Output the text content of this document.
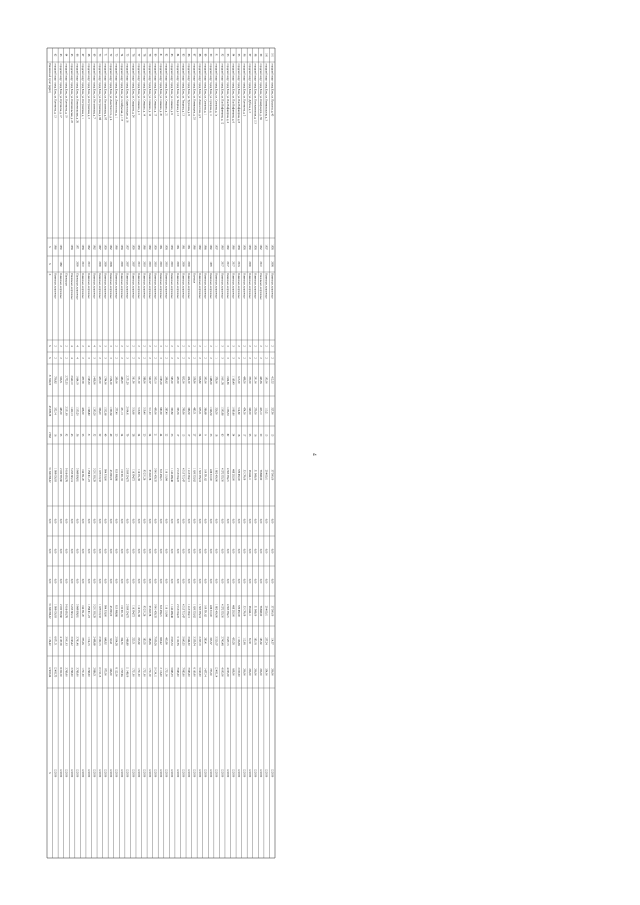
Населенный пункт (адрес)
X
X
X
X
X
51 356,00
45 978,39
2 963
51 349 096,22
0,00
0,00
0,00
51 349 096,22
1 154,40
12 492,64
X
62
городской округ город Елец, ул. Кротевича, д. 13
1960
Каменные, кирпичные
2
2
736,82
352,14
16
1 999 030,93
0,00
0,00
0,00
1 999 030,93
6 671,51
12 492,75
12.2030
63
городской округ город Елец, ул. Кротевича, д. 17
1959
1980
Каменные, кирпичные
2
2
526,51
483,00
25
2 030 770,80
0,00
0,00
0,00
2 030 770,80
4 197,09
8 322,00
12.2030
64
городской округ город Елец, ул. Кротевича, д. 19
Панельные
2
2
2 772,35
2 551,09
92
9 616 693,78
0,00
0,00
0,00
9 616 693,78
3 901,03
3 769,00
12.2030
65
городской округ город Елец, ул. Комсомольская, д. 22
1958
Панельные, кирпичные
4
4
2 642,10
1 422,13
43
5 235 345,16
0,00
0,00
0,00
5 235 345,16
3 063,42
3 769,00
12.2030
66
городской округ город Елец, ул. Комсомольская, д. 26
1971
2009
Панельные, кирпичные
4
4
1 664,19
1 555,20
56
5 849 808,81
0,00
0,00
0,00
5 849 808,81
3 761,46
3 769,00
12.2030
67
городской округ город Елец, ул. Костромская, д. 1
1958
2010
Каменные, кирпичные
2
2
477,09
438,00
25
164 361,20
0,00
0,00
0,00
164 361,20
375,26
1 721,00
12.2030
68
городской округ город Елец, ул. Костромская, д. 2
1962
2010
Каменные, кирпичные
4
3
1 583,30
1 368,80
51
1 798 811,23
0,00
0,00
0,00
1 798 811,23
1 314,15
3 769,00
12.2030
69
городской округ город Елец, ул. Костромская, д. 7
1962
Каменные, кирпичные
4
3
1 408,00
1 293,20
52
3 231 305,29
0,00
0,00
0,00
3 231 305,29
2 498,69
2 886,31
12.2030
70
городской округ город Елец, ул. Костромская, д. 8б
1997
2009
Каменные, кирпичные
2
2
450,00
396,20
22
1 027 019,32
0,00
0,00
0,00
1 027 019,32
2 592,15
10 152,15
12.2030
71
городской округ город Елец, ул. Костромская, д. 97
1959
2009
Каменные, кирпичные
3
3
1 794,00
1 532,60
49
994 518,00
0,00
0,00
0,00
994 518,00
648,92
975,00
12.2030
72
городской округ город Елец, ул. Льва Толстого, д. 4
1962
2008
Каменные, кирпичные
3
3
1 554,00
1 390,60
49
45 090,00
0,00
0,00
0,00
45 090,00
32,43
246,00
12.2030
73
городской округ город Елец, ул. Ломоносова, д. 1
1960
Каменные, кирпичные
2
2
299,00
277,40
23
813 968,86
0,00
0,00
0,00
813 968,86
2 934,28
8 122,00
12.2030
74
городской округ город Елец, ул. Октябрьская, д. 117
1958
2009
Каменные, кирпичные
2
2
486,70
471,13
24
152 901,55
0,00
0,00
0,00
152 901,55
324,55
1 727,66
12.2030
75
городской округ город Елец, ул. Орджоникидзе, д. 16
1957
2007
Каменные, кирпичные
3
3
2 271,29
2 004,01
79
2 939 254,75
0,00
0,00
0,00
2 939 254,75
1 466,69
11 148,00
12.2030
76
городской округ город Елец, ул. Свердлова, д. 24
1959
2007
Каменные, кирпичные
2
2
561,90
516,60
28
116 394,72
0,00
0,00
0,00
116 394,72
225,31
1 721,00
12.2030
77
городской округ город Елец, ул. Семашко, д. 3
1959
2010
Каменные, кирпичные
2
2
571,00
519,80
24
116 231,38
0,00
0,00
0,00
116 231,38
223,60
1 721,00
12.2030
78
городской округ город Елец, ул. Семашко, д. 14
1960
2003
Каменные, кирпичные
2
2
588,00
519,40
23
95 231,26
0,00
0,00
0,00
95 231,26
183,35
1 721,00
12.2030
79
городской округ город Елец, ул. Семашко, д. 16
1960
2003
Каменные, кирпичные
2
2
542,07
511,20
24
95 653,78
0,00
0,00
0,00
95 653,78
186,96
1 721,00
12.2030
80
городской округ город Елец, ул. Семашко, д. 17
1959
2003
Каменные, кирпичные
2
2
505,10
490,00
21
3 901 459,35
0,00
0,00
0,00
3 901 459,35
7 959,26
10 124,11
12.2030
81
городской округ город Елец, ул. Семашко, д. 20
1961
2003
Каменные, кирпичные
3
3
1 083,00
980,90
44
813 458,21
0,00
0,00
0,00
813 458,21
829,42
2 116,00
12.2030
82
городской округ город Елец, ул. Семашко, д. 21
1958
2003
Каменные, кирпичные
2
2
298,62
287,40
22
116 110,84
0,00
0,00
0,00
116 110,84
403,99
1 721,00
12.2030
83
городской округ город Елец, ул. Семашко, д. 8
1959
2003
Каменные, кирпичные
2
2
585,00
390,80
33
1 142 498,48
0,00
0,00
0,00
1 142 498,48
2 925,53
5 885,73
12.2030
84
городской округ город Елец, ул. Товарная, д. 12
1961
2009
Каменные, кирпичные
2
2
450,00
393,35
17
2 015 004,22
0,00
0,00
0,00
2 015 004,22
5 122,76
7 983,00
12.2030
85
городской округ город Елец, ул. Товарная, д. 13
1961
2009
Каменные, кирпичные
2
2
832,00
799,90
15
4 515 715,47
0,00
0,00
0,00
4 515 715,47
5 645,35
7 983,00
12.2030
86
городской округ город Елец, ул. Тургенева, д. 8
1961
2009
Каменные, кирпичные
2
2
434,00
386,30
17
1 415 594,15
0,00
0,00
0,00
1 415 594,15
3 664,50
7 983,00
12.2030
87
городской округ город Елец, ул. Коммунаров, д. 33
1960
Блочные
2
2
558,90
485,31
27
1 630 533,62
0,00
0,00
0,00
1 630 533,62
3 359,74
6 160,00
12.2030
88
городской округ город Елец, ул. Ломоносова, д. 9
1960
Каменные, кирпичные
2
2
936,80
675,01
34
1 503 376,18
0,00
0,00
0,00
1 503 376,18
2 227,19
5 040,00
12.2030
89
городской округ город Елец, ул. Суворова, д. 1
1966
Каменные, кирпичные
1
2
395,00
386,69
9
109 591,62
0,00
0,00
0,00
109 591,62
283,41
1 457,14
12.2030
90
городской округ город Елец, ул. Суворова, д. 11
1960
1979
Каменные, кирпичные
2
2
1 488,00
1 346,30
33
438 310,00
0,00
0,00
0,00
438 310,00
325,57
753,00
12.2030
91
городской округ город Елец, ул. Суворова, д. 1а
1937
Каменные, кирпичные
1
1
378,00
326,50
18
1 802 400,90
0,00
0,00
0,00
1 802 400,90
5 520,37
12 492,14
12.2030
92
городской округ город Елец, ул. Пан Вифлеерова, д. 12
1963
2017
Каменные, кирпичные
3
3
1 601,38
1 593,80
63
4 372 555,50
0,00
0,00
0,00
4 372 555,50
2 743,48
4 093,00
12.2030
93
городской округ город Елец, ул. Пан Вифлеерова, д. 4
1960
2017
Каменные, кирпичные
3
3
1 604,85
1 256,53
82
4 595 356,21
0,00
0,00
0,00
4 595 356,21
3 657,15
4 093,00
12.2030
94
городской округ город Елец, ул. Пан Вифлеерова, д. 6
1960
2017
Каменные, кирпичные
3
3
1 169,49
1 080,60
34
468 202,00
0,00
0,00
0,00
468 202,00
433,28
608,00
12.2030
95
городской округ город Елец, ул. Пан Вифлеерова, д. 8
1958
2016
Каменные, кирпичные
2
2
615,00
514,80
18
579 850,00
0,00
0,00
0,00
579 850,00
1 126,38
2 000,00
12.2030
96
городской округ город Елец, ул. Кротевича, д. 5
1958
Каменные, кирпичные
2
2
498,50
474,50
17
53 179,09
0,00
0,00
0,00
53 179,09
112,08
206,00
12.2030
97
городской округ город Елец, ул. Дубина, д. 2
1959
2009
Каменные, кирпичные
2
2
370,00
349,00
25
28 444,11
0,00
0,00
0,00
28 444,11
81,50
206,00
12.2030
98
городской округ город Елец, ул. Кооперативная, д. 113
1958
Каменные, кирпичные
2
2
291,00
279,50
16
51 908,00
0,00
0,00
0,00
51 908,00
185,18
206,00
12.2030
99
городской округ город Елец, ул. Коммунаров, д. 38
1962
2010
Панельные, кирпичные
2
2
465,96
425,10
20
78 898,90
0,00
0,00
0,00
78 898,90
185,60
206,00
12.2030
100
городской округ город Елец, ул. Коммунальная, д. 3
1937
Каменные, кирпичные
2
2
195,00
113,21
15
29 402,01
0,00
0,00
0,00
29 402,01
257,24
354,00
12.2030
101
городской округ город Елец, ул. Пушкина, д. 43
1958
2008
Каменные, кирпичные
2
2
412,52
327,90
15
37 500,00
0,00
0,00
0,00
37 500,00
114,37
206,00
12.2030
4
